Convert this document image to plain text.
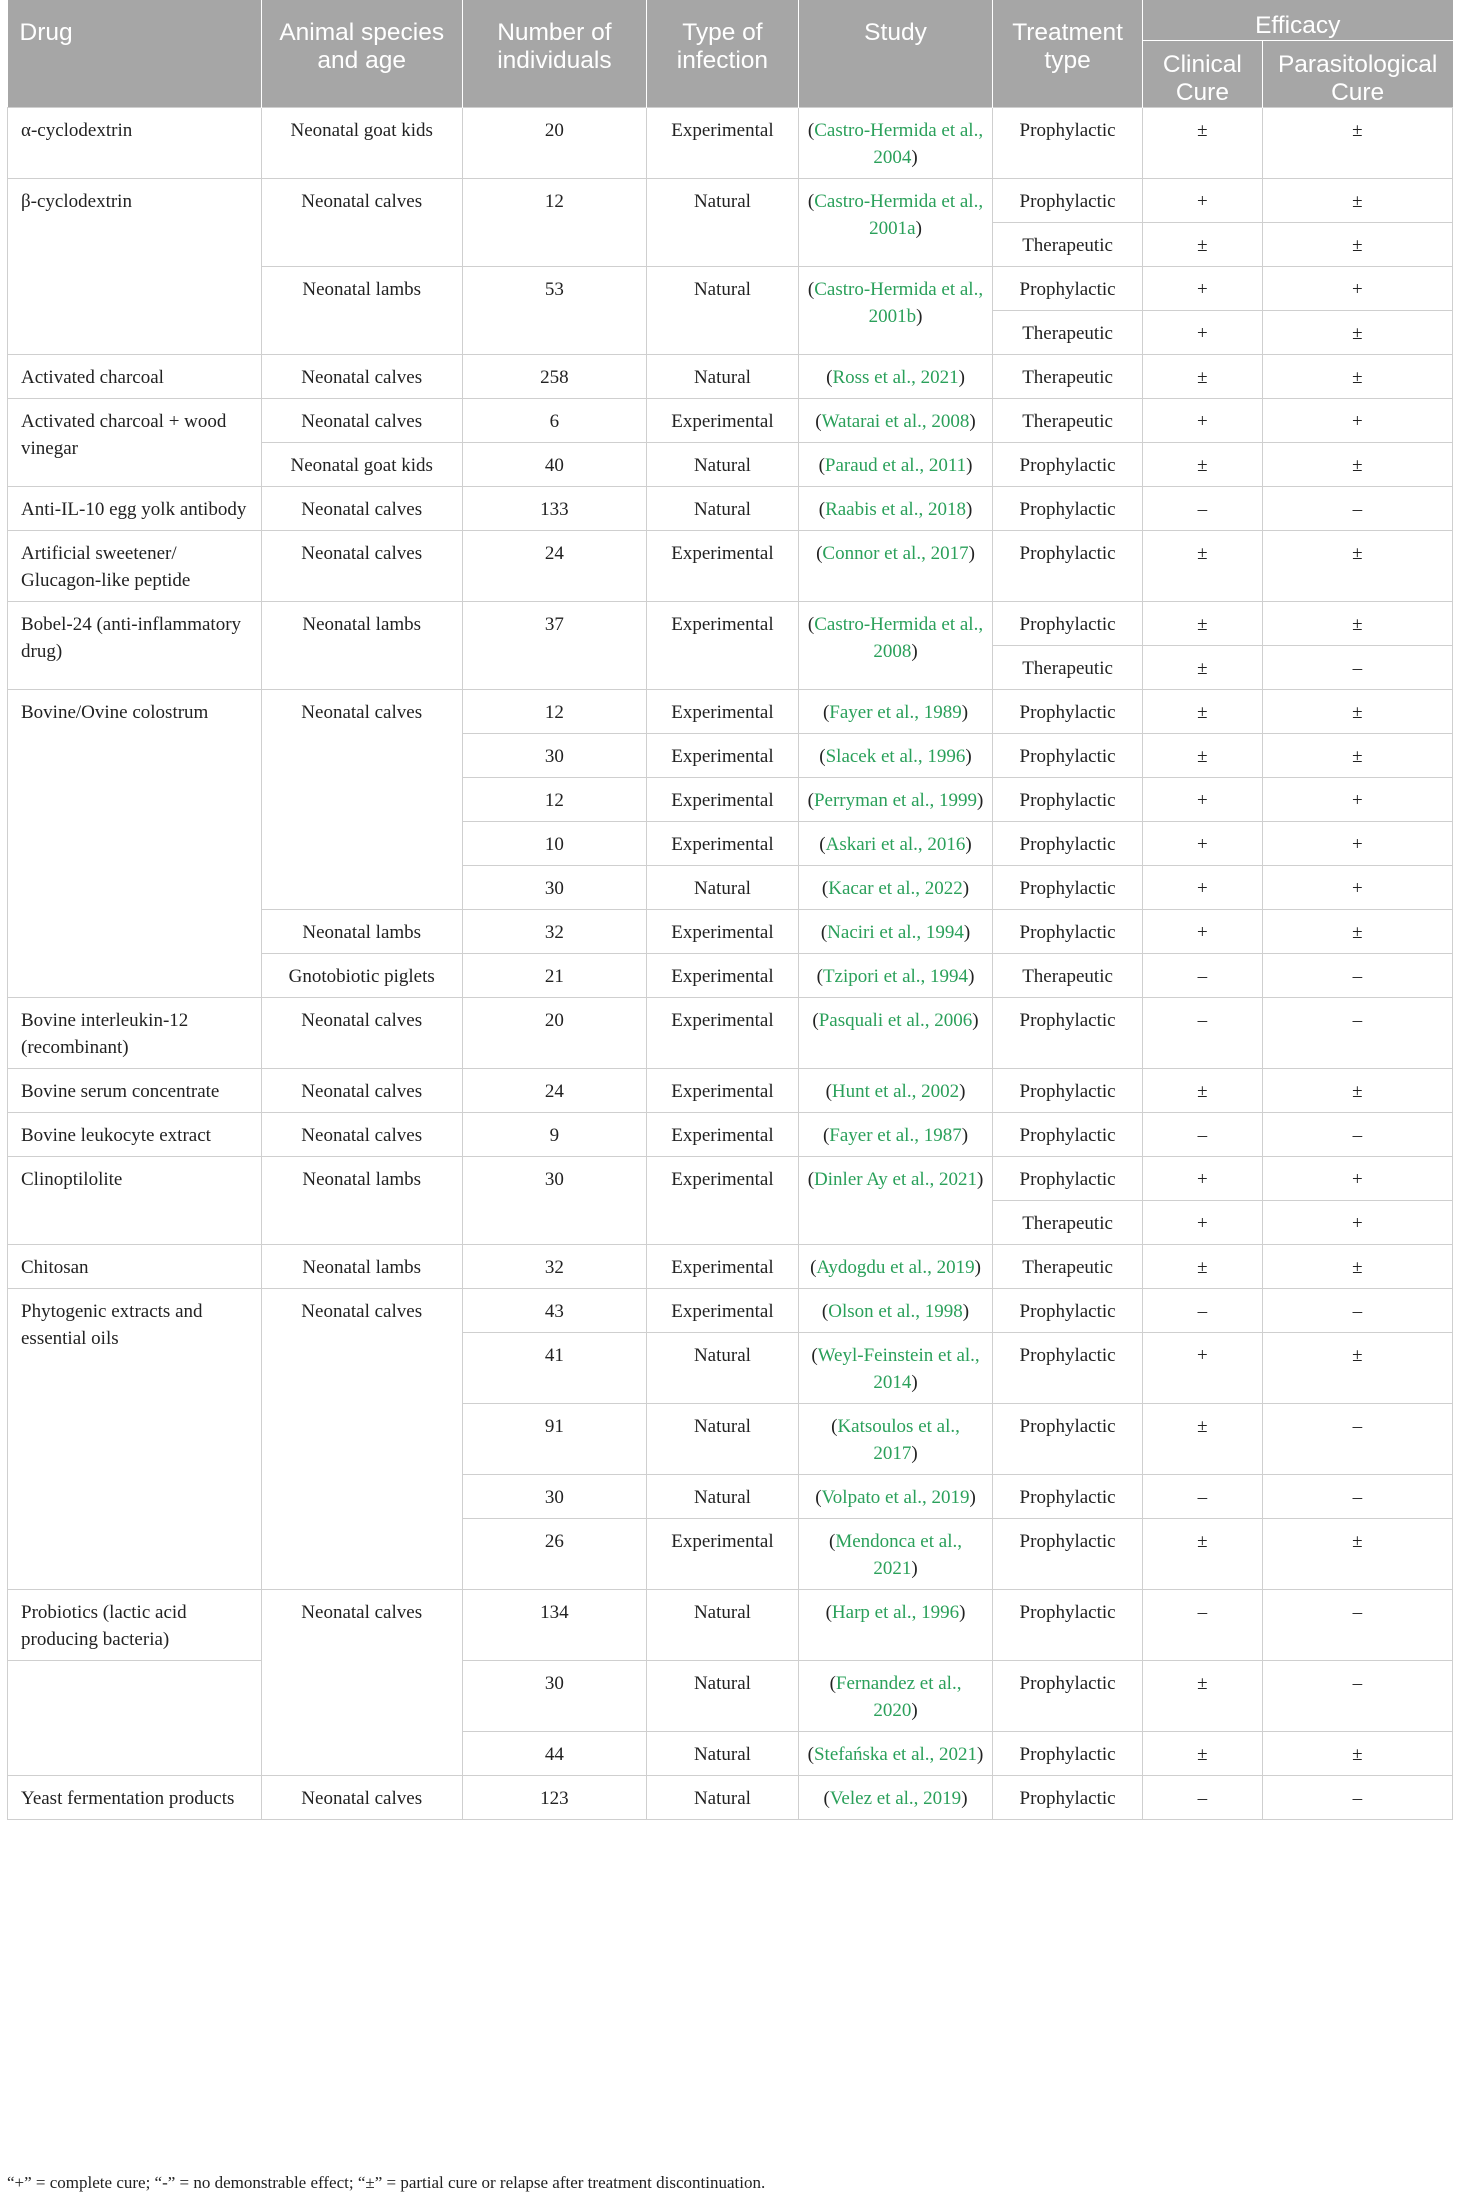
Drug	Animal species and age	Number of individuals	Type of infection	Study	Treatment type	Efficacy	
						Clinical Cure	Parasitological Cure
α-cyclodextrin	Neonatal goat kids	20	Experimental	(Castro-Hermida et al., 2004)	Prophylactic	±	±
β-cyclodextrin	Neonatal calves	12	Natural	(Castro-Hermida et al., 2001a)	Prophylactic	+	±
					Therapeutic	±	±
	Neonatal lambs	53	Natural	(Castro-Hermida et al., 2001b)	Prophylactic	+	+
					Therapeutic	+	±
Activated charcoal	Neonatal calves	258	Natural	(Ross et al., 2021)	Therapeutic	±	±
Activated charcoal + wood vinegar	Neonatal calves	6	Experimental	(Watarai et al., 2008)	Therapeutic	+	+
	Neonatal goat kids	40	Natural	(Paraud et al., 2011)	Prophylactic	±	±
Anti-IL-10 egg yolk antibody	Neonatal calves	133	Natural	(Raabis et al., 2018)	Prophylactic	–	–
Artificial sweetener/ Glucagon-like peptide	Neonatal calves	24	Experimental	(Connor et al., 2017)	Prophylactic	±	±
Bobel-24 (anti-inflammatory drug)	Neonatal lambs	37	Experimental	(Castro-Hermida et al., 2008)	Prophylactic	±	±
					Therapeutic	±	–
Bovine/Ovine colostrum	Neonatal calves	12	Experimental	(Fayer et al., 1989)	Prophylactic	±	±
		30	Experimental	(Slacek et al., 1996)	Prophylactic	±	±
		12	Experimental	(Perryman et al., 1999)	Prophylactic	+	+
		10	Experimental	(Askari et al., 2016)	Prophylactic	+	+
		30	Natural	(Kacar et al., 2022)	Prophylactic	+	+
	Neonatal lambs	32	Experimental	(Naciri et al., 1994)	Prophylactic	+	±
	Gnotobiotic piglets	21	Experimental	(Tzipori et al., 1994)	Therapeutic	–	–
Bovine interleukin-12 (recombinant)	Neonatal calves	20	Experimental	(Pasquali et al., 2006)	Prophylactic	–	–
Bovine serum concentrate	Neonatal calves	24	Experimental	(Hunt et al., 2002)	Prophylactic	±	±
Bovine leukocyte extract	Neonatal calves	9	Experimental	(Fayer et al., 1987)	Prophylactic	–	–
Clinoptilolite	Neonatal lambs	30	Experimental	(Dinler Ay et al., 2021)	Prophylactic	+	+
					Therapeutic	+	+
Chitosan	Neonatal lambs	32	Experimental	(Aydogdu et al., 2019)	Therapeutic	±	±
Phytogenic extracts and essential oils	Neonatal calves	43	Experimental	(Olson et al., 1998)	Prophylactic	–	–
		41	Natural	(Weyl-Feinstein et al., 2014)	Prophylactic	+	±
		91	Natural	(Katsoulos et al., 2017)	Prophylactic	±	–
		30	Natural	(Volpato et al., 2019)	Prophylactic	–	–
		26	Experimental	(Mendonca et al., 2021)	Prophylactic	±	±
Probiotics (lactic acid producing bacteria)	Neonatal calves	134	Natural	(Harp et al., 1996)	Prophylactic	–	–
		30	Natural	(Fernandez et al., 2020)	Prophylactic	±	–
		44	Natural	(Stefańska et al., 2021)	Prophylactic	±	±
Yeast fermentation products	Neonatal calves	123	Natural	(Velez et al., 2019)	Prophylactic	–	–
“+” = complete cure; “-” = no demonstrable effect; “±” = partial cure or relapse after treatment discontinuation.
